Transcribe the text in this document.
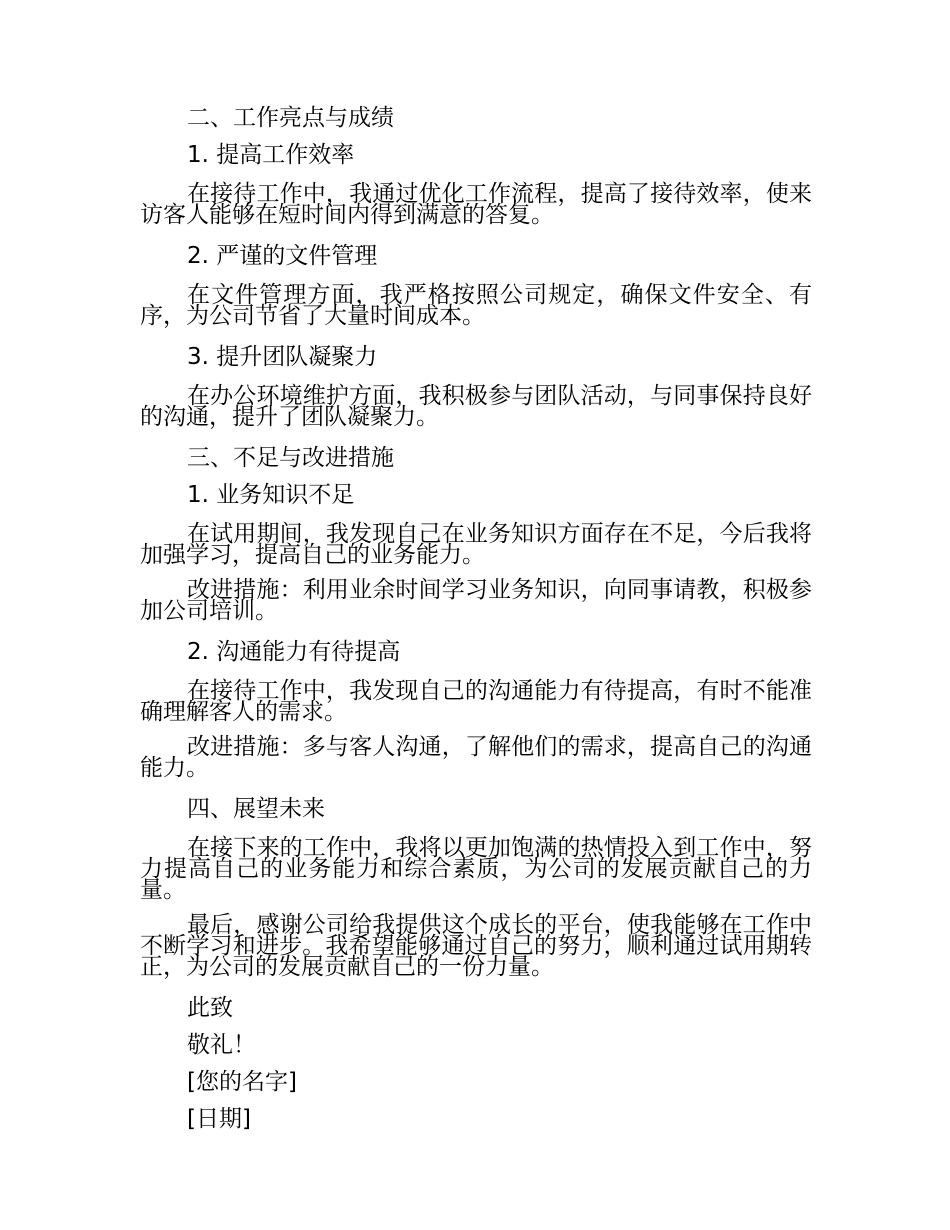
二、工作亮点与成绩
1. 提高工作效率
在接待工作中，我通过优化工作流程，提高了接待效率，使来访客人能够在短时间内得到满意的答复。
2. 严谨的文件管理
在文件管理方面，我严格按照公司规定，确保文件安全、有序，为公司节省了大量时间成本。
3. 提升团队凝聚力
在办公环境维护方面，我积极参与团队活动，与同事保持良好的沟通，提升了团队凝聚力。
三、不足与改进措施
1. 业务知识不足
在试用期间，我发现自己在业务知识方面存在不足，今后我将加强学习，提高自己的业务能力。
改进措施：利用业余时间学习业务知识，向同事请教，积极参加公司培训。
2. 沟通能力有待提高
在接待工作中，我发现自己的沟通能力有待提高，有时不能准确理解客人的需求。
改进措施：多与客人沟通，了解他们的需求，提高自己的沟通能力。
四、展望未来
在接下来的工作中，我将以更加饱满的热情投入到工作中，努力提高自己的业务能力和综合素质，为公司的发展贡献自己的力量。
最后，感谢公司给我提供这个成长的平台，使我能够在工作中不断学习和进步。我希望能够通过自己的努力，顺利通过试用期转正，为公司的发展贡献自己的一份力量。
此致
敬礼！
[您的名字]
[日期]
